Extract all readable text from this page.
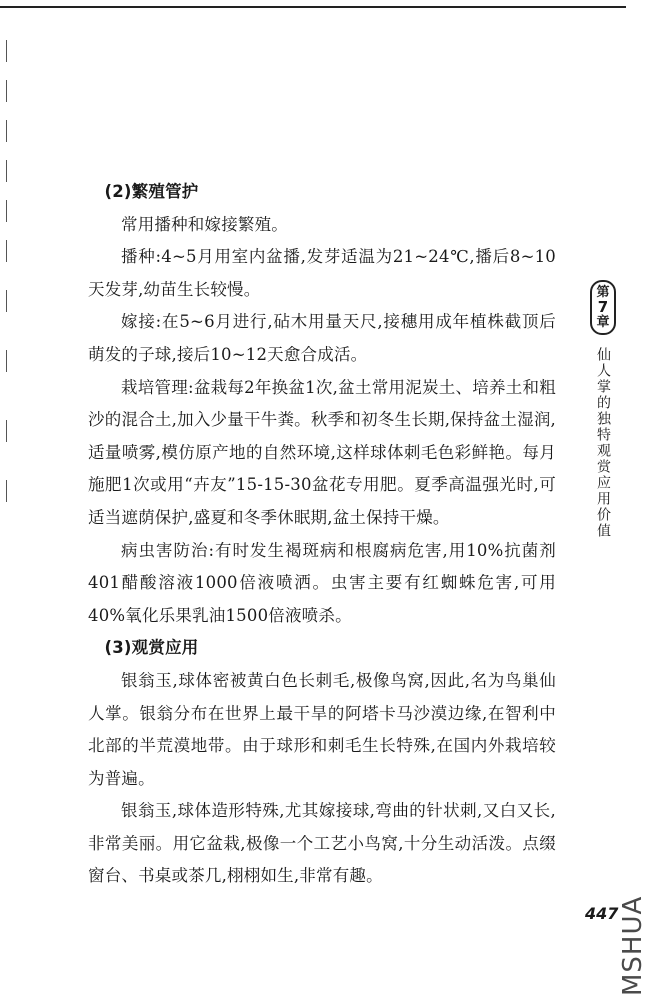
(2)繁殖管护

常用播种和嫁接繁殖。

播种:4~5月用室内盆播,发芽适温为21~24℃,播后8~10天发芽,幼苗生长较慢。

嫁接:在5~6月进行,砧木用量天尺,接穗用成年植株截顶后萌发的子球,接后10~12天愈合成活。

栽培管理:盆栽每2年换盆1次,盆土常用泥炭土、培养土和粗沙的混合土,加入少量干牛粪。秋季和初冬生长期,保持盆土湿润,适量喷雾,模仿原产地的自然环境,这样球体刺毛色彩鲜艳。每月施肥1次或用“卉友”15-15-30盆花专用肥。夏季高温强光时,可适当遮荫保护,盛夏和冬季休眠期,盆土保持干燥。

病虫害防治:有时发生褐斑病和根腐病危害,用10%抗菌剂401醋酸溶液1000倍液喷洒。虫害主要有红蜘蛛危害,可用40%氧化乐果乳油1500倍液喷杀。

(3)观赏应用

银翁玉,球体密被黄白色长刺毛,极像鸟窝,因此,名为鸟巢仙人掌。银翁分布在世界上最干旱的阿塔卡马沙漠边缘,在智利中北部的半荒漠地带。由于球形和刺毛生长特殊,在国内外栽培较为普遍。

银翁玉,球体造形特殊,尤其嫁接球,弯曲的针状刺,又白又长,非常美丽。用它盆栽,极像一个工艺小鸟窝,十分生动活泼。点缀窗台、书桌或茶几,栩栩如生,非常有趣。

第
7
章
仙人掌的独特观赏应用价值
447 MSHUA
